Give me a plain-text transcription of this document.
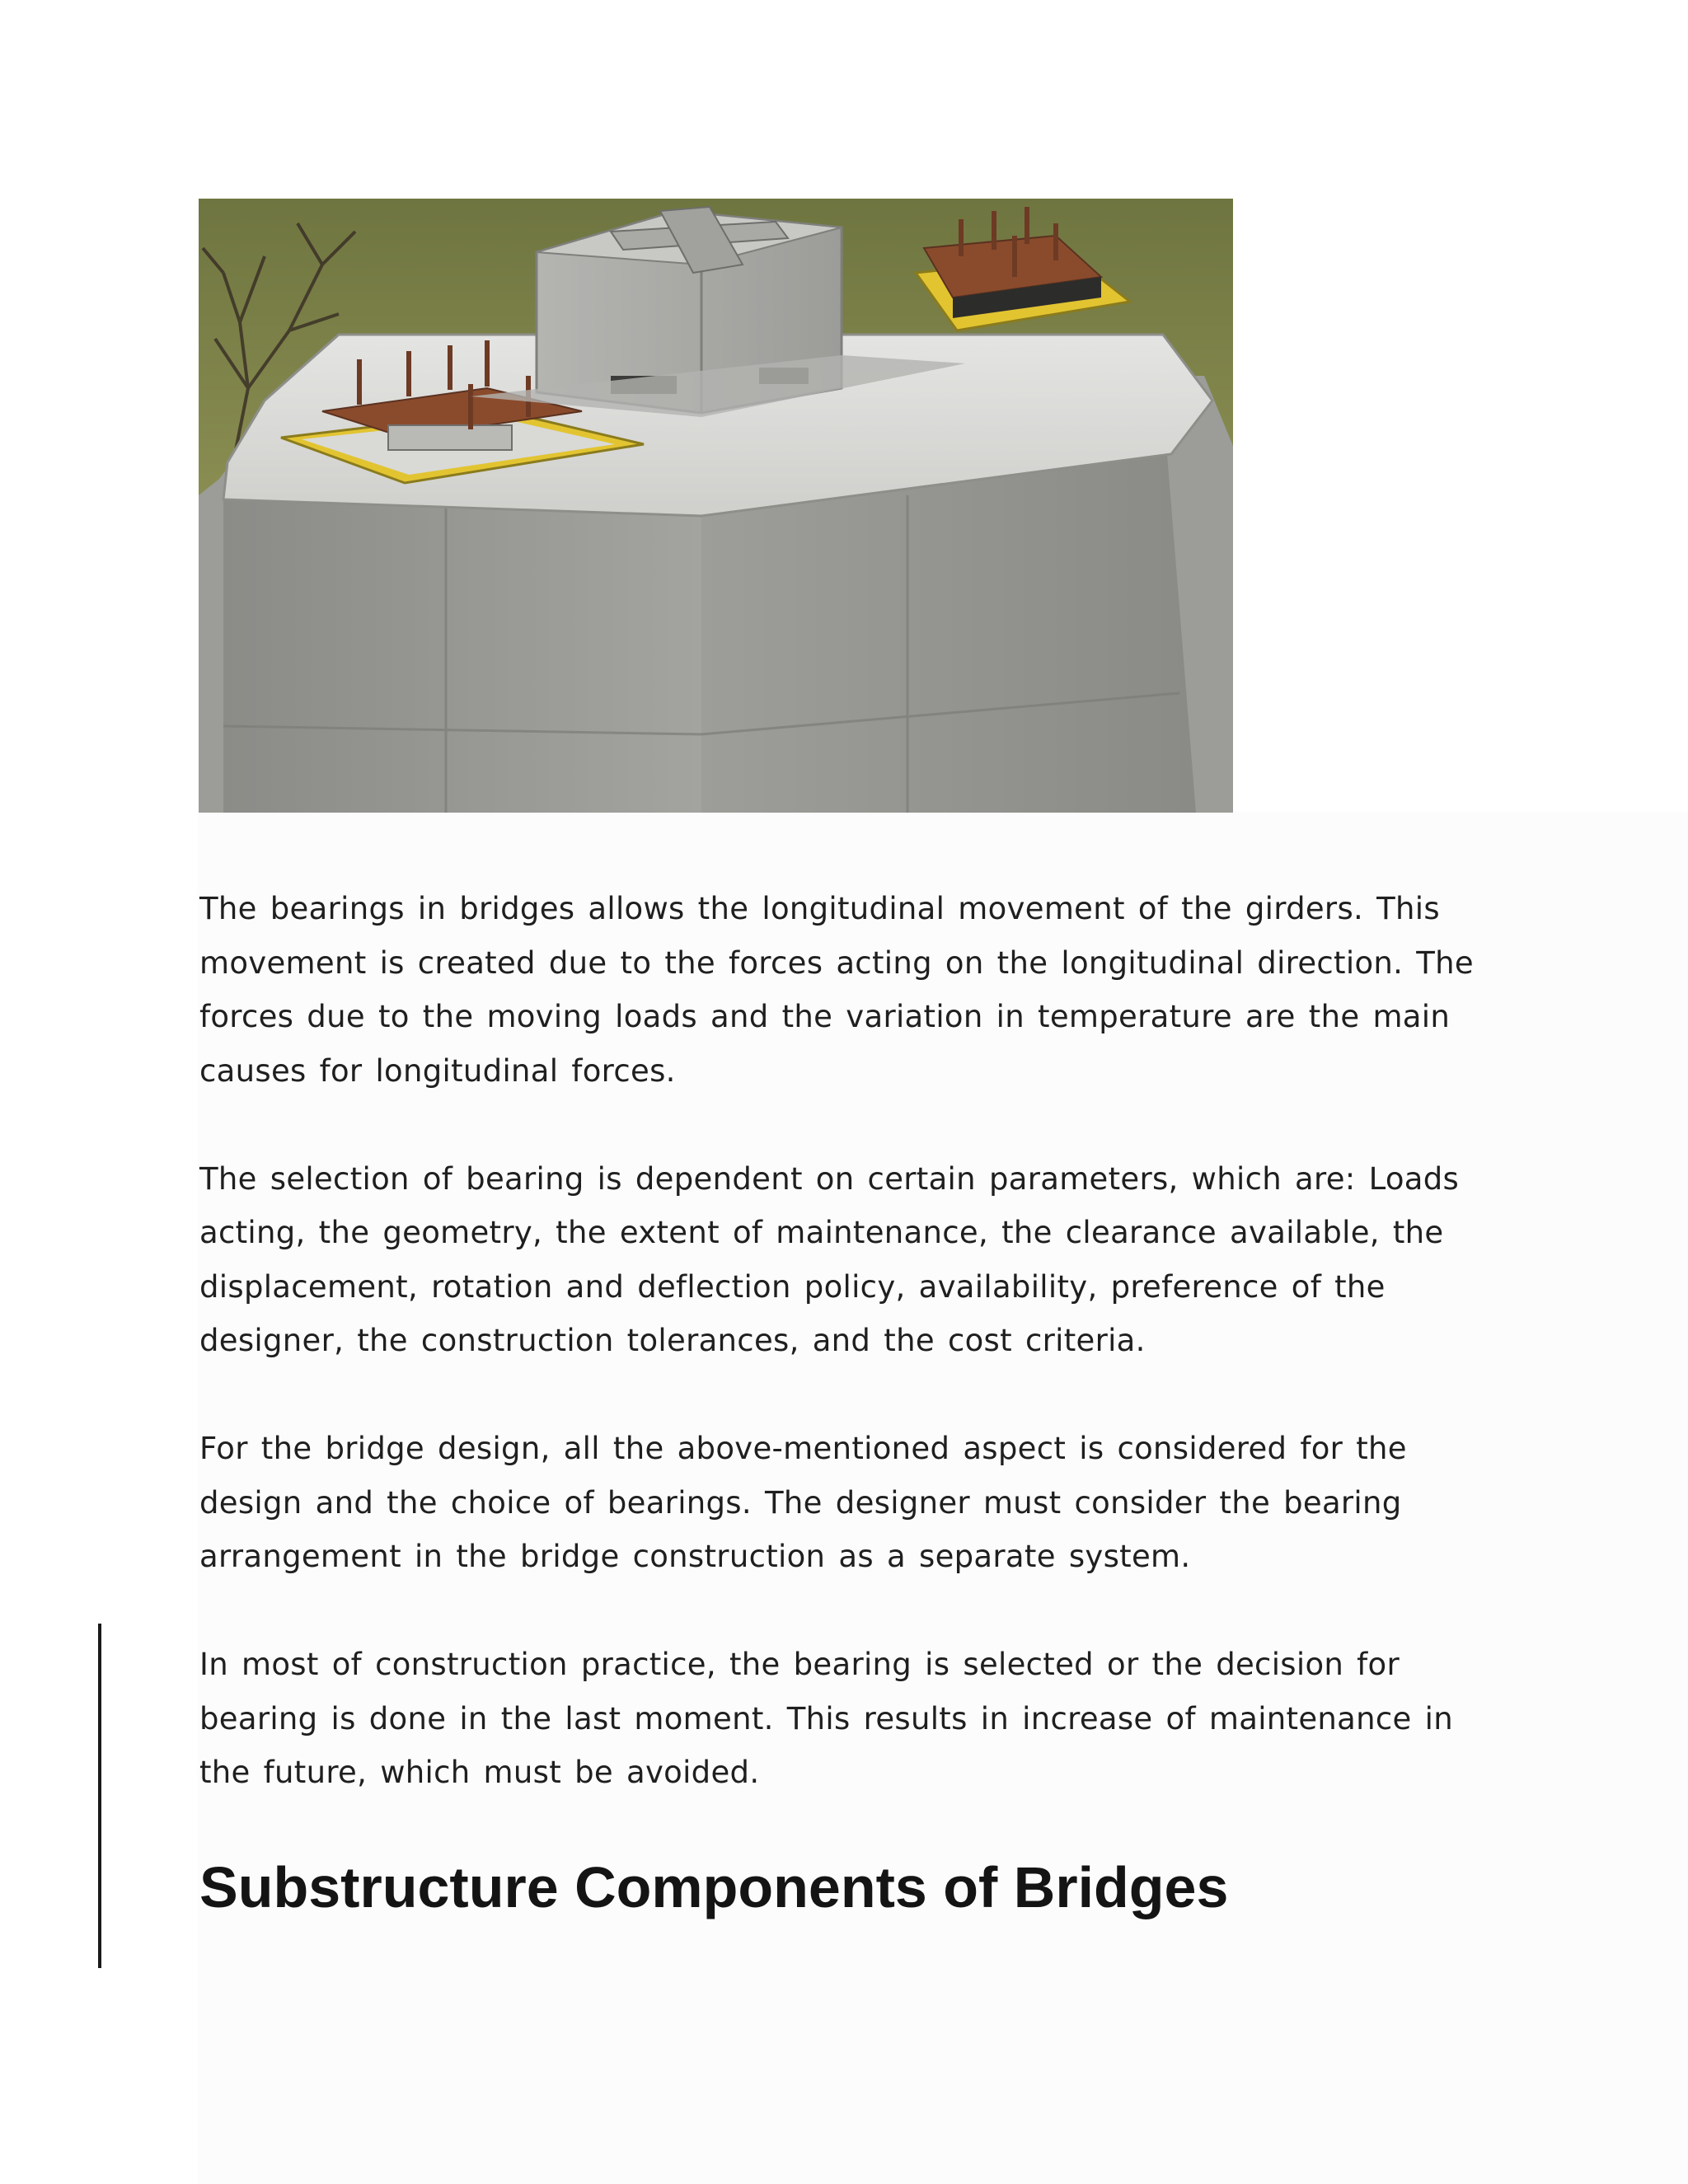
The bearings in bridges allows the longitudinal movement of the girders. This
movement is created due to the forces acting on the longitudinal direction. The
forces due to the moving loads and the variation in temperature are the main
causes for longitudinal forces.

The selection of bearing is dependent on certain parameters, which are: Loads
acting, the geometry, the extent of maintenance, the clearance available, the
displacement, rotation and deflection policy, availability, preference of the
designer, the construction tolerances, and the cost criteria.

For the bridge design, all the above-mentioned aspect is considered for the
design and the choice of bearings. The designer must consider the bearing
arrangement in the bridge construction as a separate system.

In most of construction practice, the bearing is selected or the decision for
bearing is done in the last moment. This results in increase of maintenance in
the future, which must be avoided.

Substructure Components of Bridges
